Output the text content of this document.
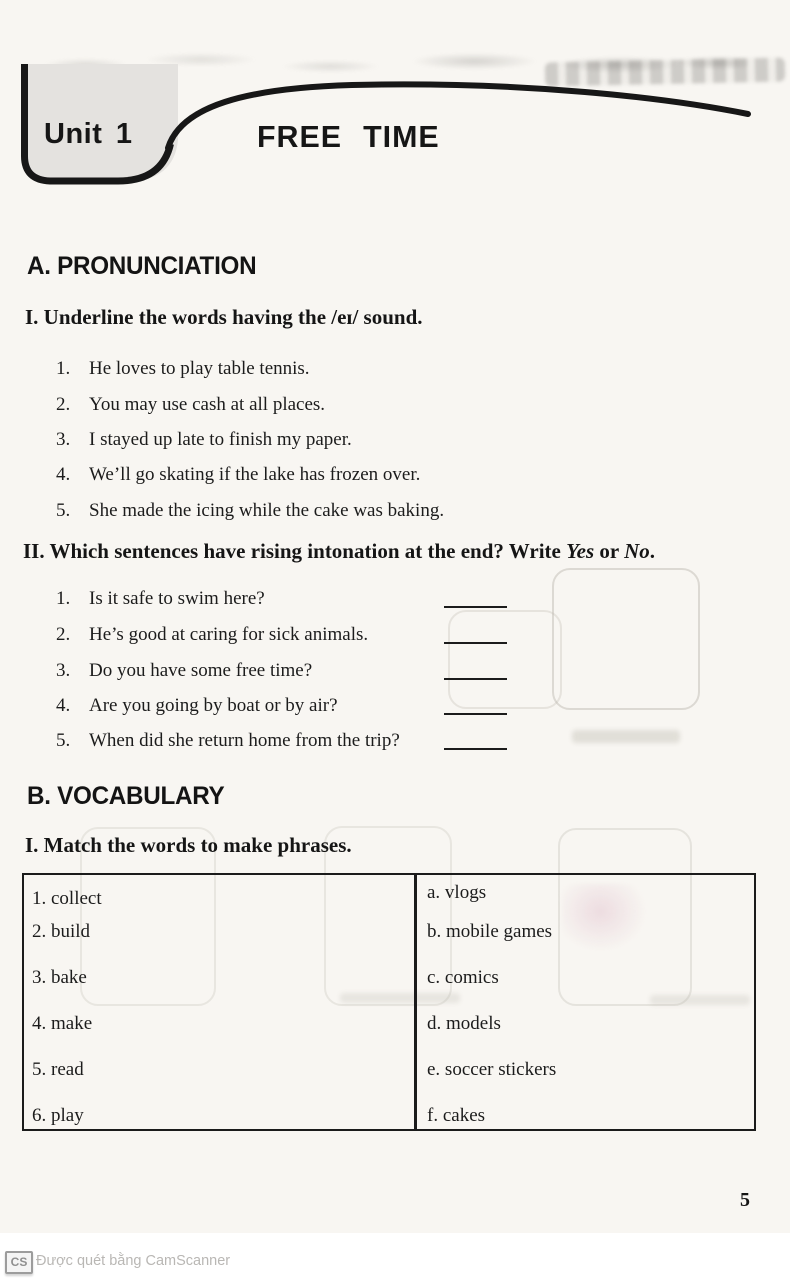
Unit 1	FREE TIME
A. PRONUNCIATION
I. Underline the words having the /eɪ/ sound.
1. He loves to play table tennis.
2. You may use cash at all places.
3. I stayed up late to finish my paper.
4. We’ll go skating if the lake has frozen over.
5. She made the icing while the cake was baking.
II. Which sentences have rising intonation at the end? Write Yes or No.
1. Is it safe to swim here?
2. He’s good at caring for sick animals.
3. Do you have some free time?
4. Are you going by boat or by air?
5. When did she return home from the trip?
B. VOCABULARY
I. Match the words to make phrases.
1. collect
2. build
3. bake
4. make
5. read
6. play
a. vlogs
b. mobile games
c. comics
d. models
e. soccer stickers
f. cakes
5
CS Được quét bằng CamScanner
